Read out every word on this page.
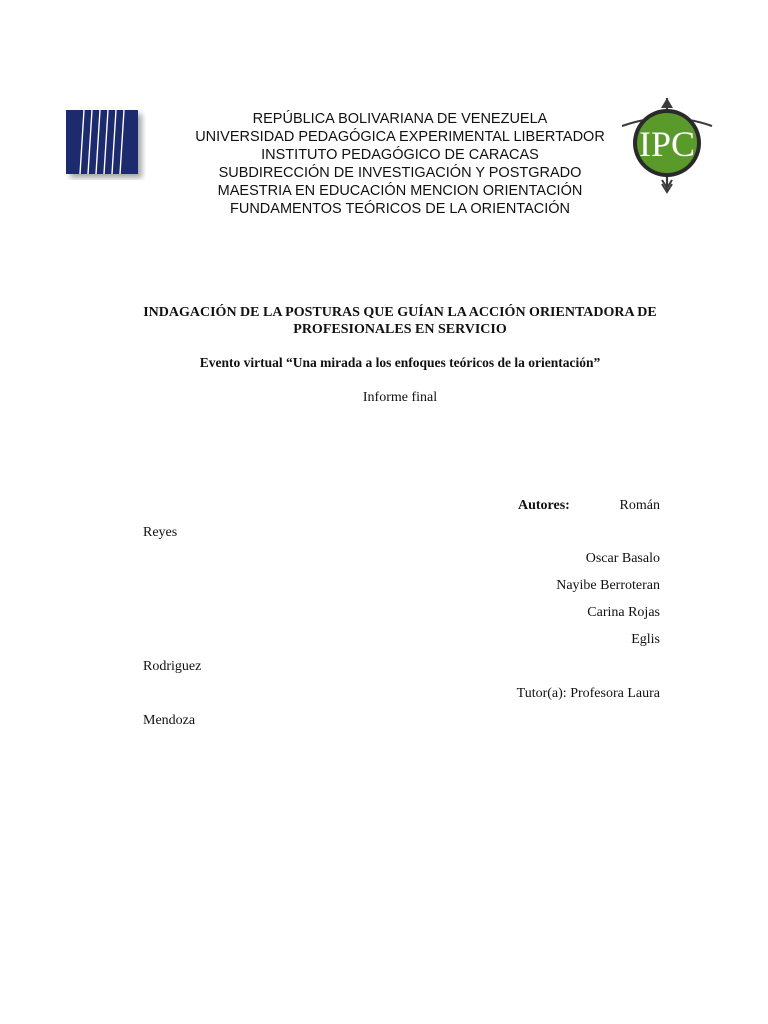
REPÚBLICA BOLIVARIANA DE VENEZUELA
UNIVERSIDAD PEDAGÓGICA EXPERIMENTAL LIBERTADOR
INSTITUTO PEDAGÓGICO DE CARACAS
SUBDIRECCIÓN DE INVESTIGACIÓN Y POSTGRADO
MAESTRIA EN EDUCACIÓN MENCION ORIENTACIÓN
FUNDAMENTOS TEÓRICOS DE LA ORIENTACIÓN
IPC
INDAGACIÓN DE LA POSTURAS QUE GUÍAN LA ACCIÓN ORIENTADORA DE
PROFESIONALES EN SERVICIO
Evento virtual “Una mirada a los enfoques teóricos de la orientación”
Informe final
Autores:	Román
Reyes
Oscar Basalo
Nayibe Berroteran
Carina Rojas
Eglis
Rodriguez
Tutor(a): Profesora Laura
Mendoza
